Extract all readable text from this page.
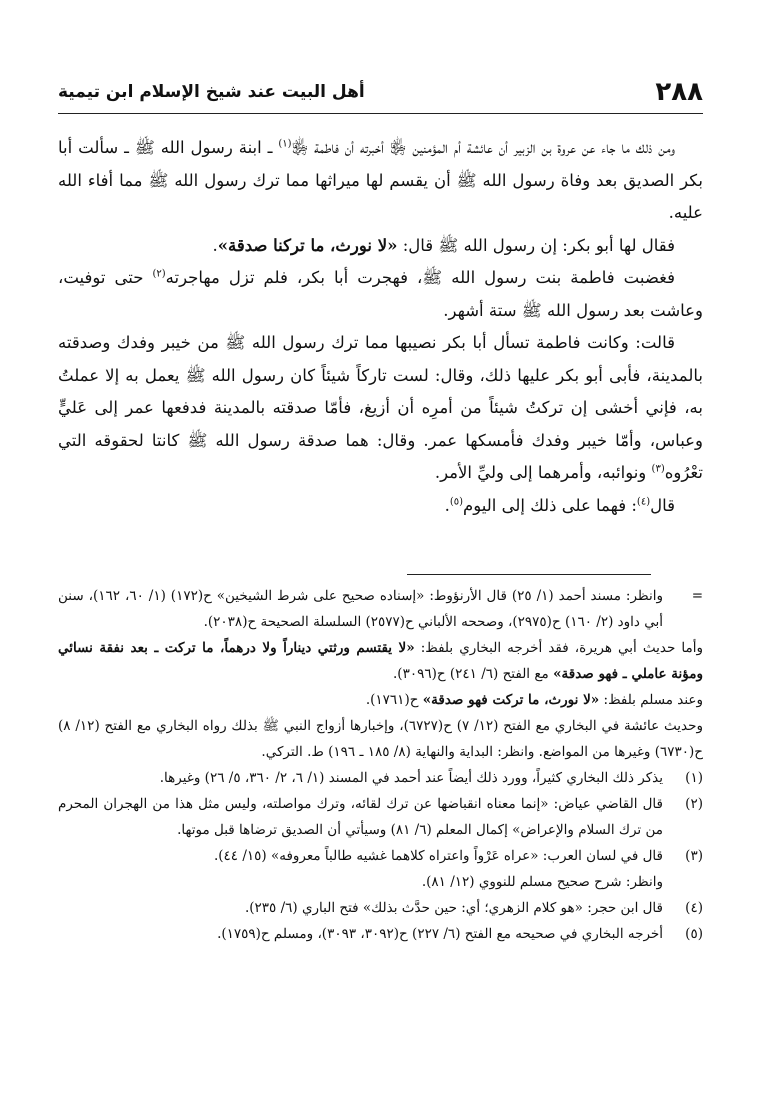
٢٨٨
أهل البيت عند شيخ الإسلام ابن تيمية

ومن ذلك ما جاء عن عروة بن الزبير أن عائشة أم المؤمنين ﵂ أخبرته أن فاطمة ﵂$^{(١)}$ ـ ابنة رسول الله ﷺ ـ سألت أبا بكر الصديق بعد وفاة رسول الله ﷺ أن يقسم لها ميراثها مما ترك رسول الله ﷺ مما أفاء الله عليه.

فقال لها أبو بكر: إن رسول الله ﷺ قال: «لا نورث، ما تركنا صدقة».

فغضبت فاطمة بنت رسول الله ﷺ، فهجرت أبا بكر، فلم تزل مهاجرته$^{(٢)}$ حتى توفيت، وعاشت بعد رسول الله ﷺ ستة أشهر.

قالت: وكانت فاطمة تسأل أبا بكر نصيبها مما ترك رسول الله ﷺ من خيبر وفدك وصدقته بالمدينة، فأبى أبو بكر عليها ذلك، وقال: لست تاركاً شيئاً كان رسول الله ﷺ يعمل به إلا عملتُ به، فإني أخشى إن تركتُ شيئاً من أمرِه أن أزيغ، فأمّا صدقته بالمدينة فدفعها عمر إلى عَليٍّ وعباس، وأمّا خيبر وفدك فأمسكها عمر. وقال: هما صدقة رسول الله ﷺ كانتا لحقوقه التي تعْرُوه$^{(٣)}$ ونوائبه، وأمرهما إلى وليِّ الأمر.

قال$^{(٤)}$: فهما على ذلك إلى اليوم$^{(٥)}$.

=
وانظر: مسند أحمد (١/ ٢٥) قال الأرنؤوط: «إسناده صحيح على شرط الشيخين» ح(١٧٢) (١/ ٦٠، ١٦٢)، سنن أبي داود (٢/ ١٦٠) ح(٢٩٧٥)، وصححه الألباني ح(٢٥٧٧) السلسلة الصحيحة ح(٢٠٣٨).

وأما حديث أبي هريرة، فقد أخرجه البخاري بلفظ: «لا يقتسم ورثتي ديناراً ولا درهماً، ما تركت ـ بعد نفقة نسائي ومؤنة عاملي ـ فهو صدقة» مع الفتح (٦/ ٢٤١) ح(٣٠٩٦).

وعند مسلم بلفظ: «لا نورث، ما تركت فهو صدقة» ح(١٧٦١).

وحديث عائشة في البخاري مع الفتح (١٢/ ٧) ح(٦٧٢٧)، وإخبارها أزواج النبي ﷺ بذلك رواه البخاري مع الفتح (١٢/ ٨) ح(٦٧٣٠) وغيرها من المواضع. وانظر: البداية والنهاية (٨/ ١٨٥ ـ ١٩٦) ط. التركي.

(١)
يذكر ذلك البخاري كثيراً، وورد ذلك أيضاً عند أحمد في المسند (١/ ٦، ٢/ ٣٦٠، ٥/ ٢٦) وغيرها.
(٢)
قال القاضي عياض: «إنما معناه انقباضها عن ترك لقائه، وترك مواصلته، وليس مثل هذا من الهجران المحرم من ترك السلام والإعراض» إكمال المعلم (٦/ ٨١) وسيأتي أن الصديق ترضاها قبل موتها.
(٣)
قال في لسان العرب: «عراه عَرْواً واعتراه كلاهما غشيه طالباً معروفه» (١٥/ ٤٤).
وانظر: شرح صحيح مسلم للنووي (١٢/ ٨١).
(٤)
قال ابن حجر: «هو كلام الزهري؛ أي: حين حدَّث بذلك» فتح الباري (٦/ ٢٣٥).
(٥)
أخرجه البخاري في صحيحه مع الفتح (٦/ ٢٢٧) ح(٣٠٩٢، ٣٠٩٣)، ومسلم ح(١٧٥٩).
